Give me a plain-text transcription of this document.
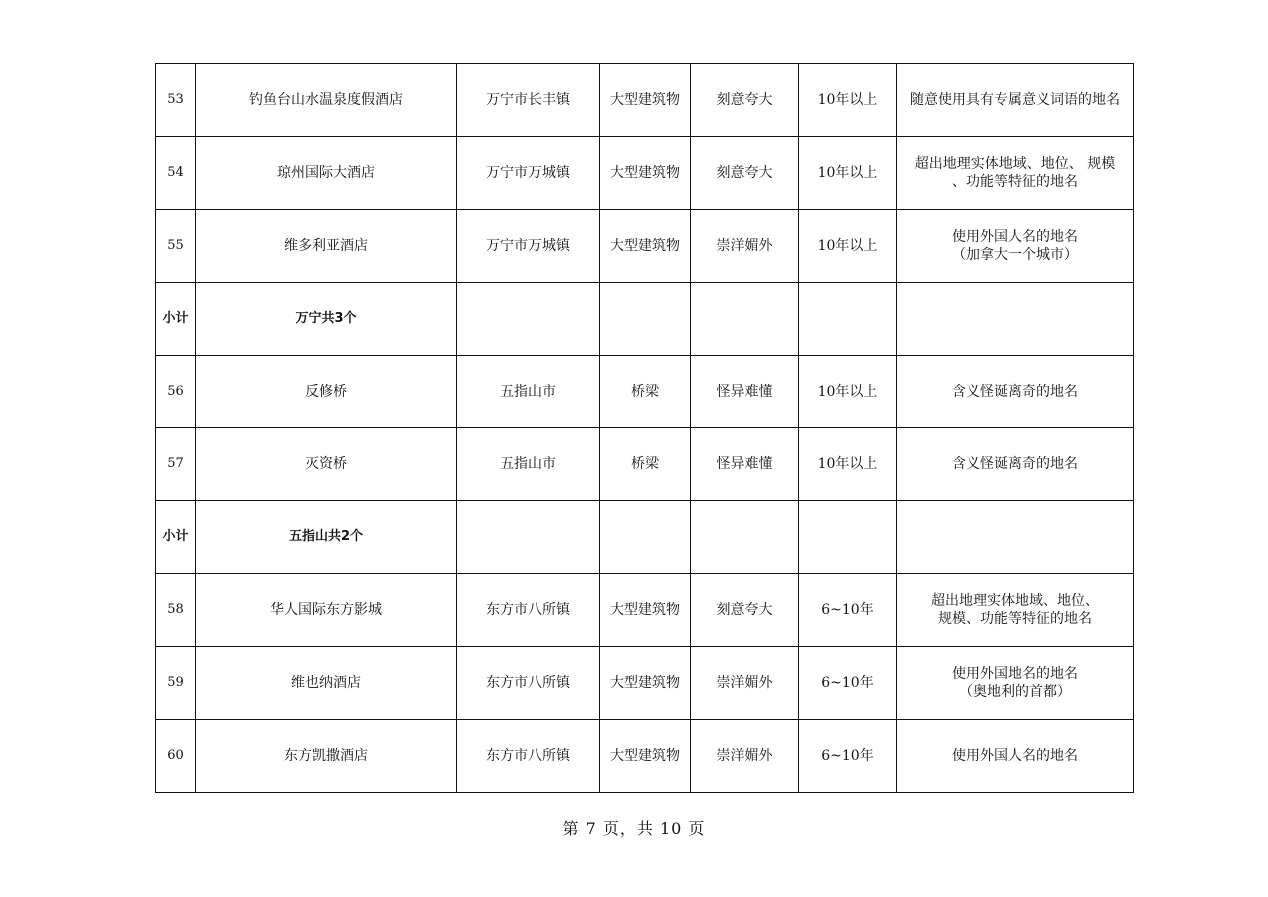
53	钓鱼台山水温泉度假酒店	万宁市长丰镇	大型建筑物	刻意夸大	10年以上	随意使用具有专属意义词语的地名

54	琼州国际大酒店	万宁市万城镇	大型建筑物	刻意夸大	10年以上	超出地理实体地域、地位、 规模
、功能等特征的地名

55	维多利亚酒店	万宁市万城镇	大型建筑物	崇洋媚外	10年以上	使用外国人名的地名
（加拿大一个城市）

小计	万宁共3个					
56	反修桥	五指山市	桥梁	怪异难懂	10年以上	含义怪诞离奇的地名

57	灭资桥	五指山市	桥梁	怪异难懂	10年以上	含义怪诞离奇的地名

小计	五指山共2个					
58	华人国际东方影城	东方市八所镇	大型建筑物	刻意夸大	6~10年	超出地理实体地域、地位、
规模、功能等特征的地名

59	维也纳酒店	东方市八所镇	大型建筑物	崇洋媚外	6~10年	使用外国地名的地名
（奥地利的首都）

60	东方凯撒酒店	东方市八所镇	大型建筑物	崇洋媚外	6~10年	使用外国人名的地名
第 7 页，共 10 页
